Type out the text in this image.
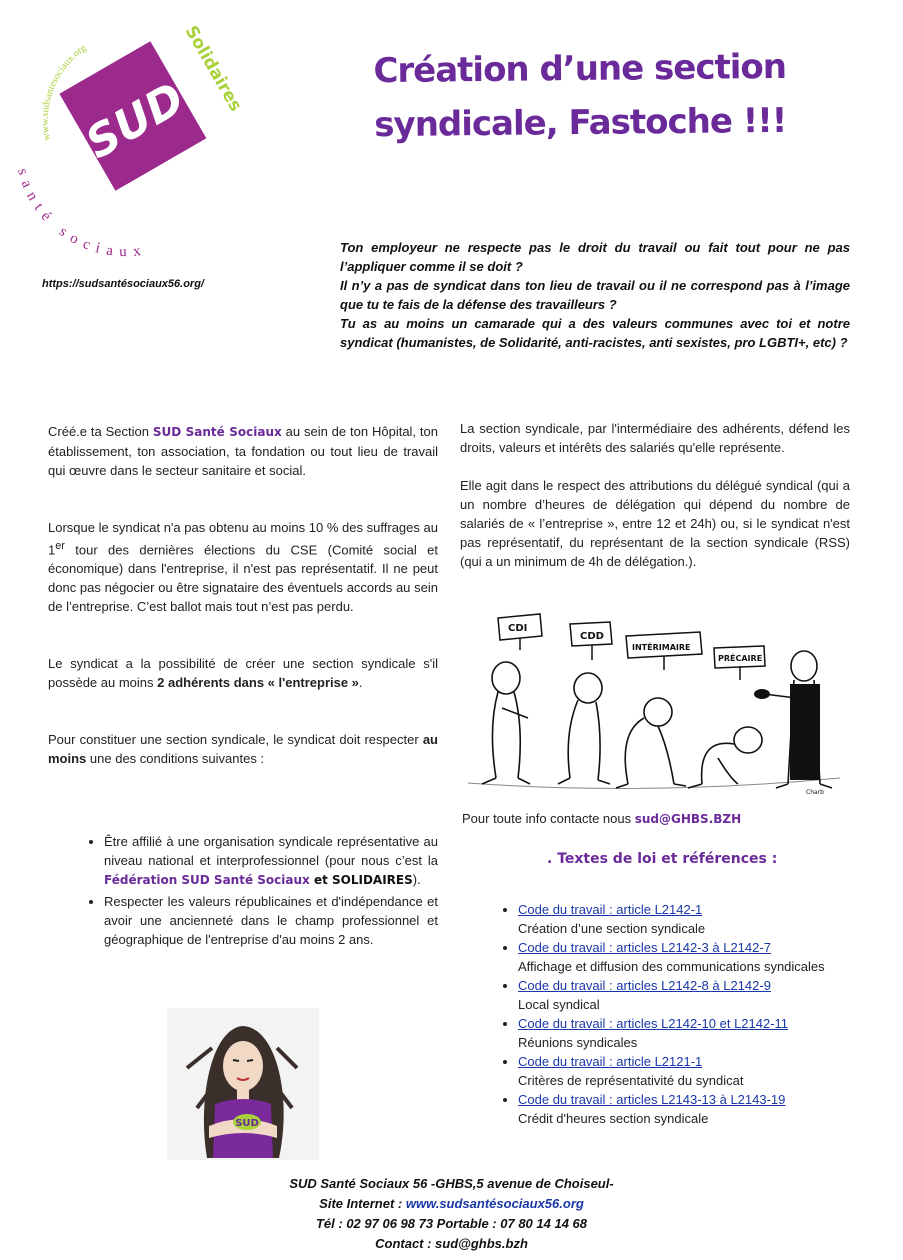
www.sudsantesociaux.org
SUD
Solidaires
santé sociaux
https://sudsantésociaux56.org/
Création d’une section
syndicale, Fastoche !!!
Ton employeur ne respecte pas le droit du travail ou fait tout pour ne pas l’appliquer comme il se doit ?
Il n’y a pas de syndicat dans ton lieu de travail ou il ne correspond pas à l’image que tu te fais de la défense des travailleurs ?
Tu as au moins un camarade qui a des valeurs communes avec toi et notre syndicat (humanistes, de Solidarité, anti-racistes, anti sexistes, pro LGBTI+, etc) ?

Créé.e ta Section SUD Santé Sociaux au sein de ton Hôpital, ton établissement, ton association, ta fondation ou tout lieu de travail qui œuvre dans le secteur sanitaire et social.

Lorsque le syndicat n'a pas obtenu au moins 10 % des suffrages au 1er tour des dernières élections du CSE (Comité social et économique) dans l'entreprise, il n'est pas représentatif. Il ne peut donc pas négocier ou être signataire des éventuels accords au sein de l’entreprise. C’est ballot mais tout n’est pas perdu.

Le syndicat a la possibilité de créer une section syndicale s'il possède au moins 2 adhérents dans « l'entreprise ».

Pour constituer une section syndicale, le syndicat doit respecter au moins une des conditions suivantes :

• Être affilié à une organisation syndicale représentative au niveau national et interprofessionnel (pour nous c’est la Fédération SUD Santé Sociaux et SOLIDAIRES).
• Respecter les valeurs républicaines et d'indépendance et avoir une ancienneté dans le champ professionnel et géographique de l'entreprise d'au moins 2 ans.
SUD

La section syndicale, par l'intermédiaire des adhérents, défend les droits, valeurs et intérêts des salariés qu'elle représente.

Elle agit dans le respect des attributions du délégué syndical (qui a un nombre d’heures de délégation qui dépend du nombre de salariés de « l’entreprise », entre 12 et 24h) ou, si le syndicat n'est pas représentatif, du représentant de la section syndicale (RSS) (qui a un minimum de 4h de délégation.).

CDI
CDD
INTÉRIMAIRE
PRÉCAIRE
Charb
Pour toute info contacte nous sud@GHBS.BZH
. Textes de loi et références :
• Code du travail : article L2142-1
Création d’une section syndicale
• Code du travail : articles L2142-3 à L2142-7
Affichage et diffusion des communications syndicales
• Code du travail : articles L2142-8 à L2142-9
Local syndical
• Code du travail : articles L2142-10 et L2142-11
Réunions syndicales
• Code du travail : article L2121-1
Critères de représentativité du syndicat
• Code du travail : articles L2143-13 à L2143-19
Crédit d'heures section syndicale
SUD Santé Sociaux 56 -GHBS,5 avenue de Choiseul-
Site Internet : www.sudsantésociaux56.org
Tél : 02 97 06 98 73 Portable : 07 80 14 14 68
Contact : sud@ghbs.bzh
